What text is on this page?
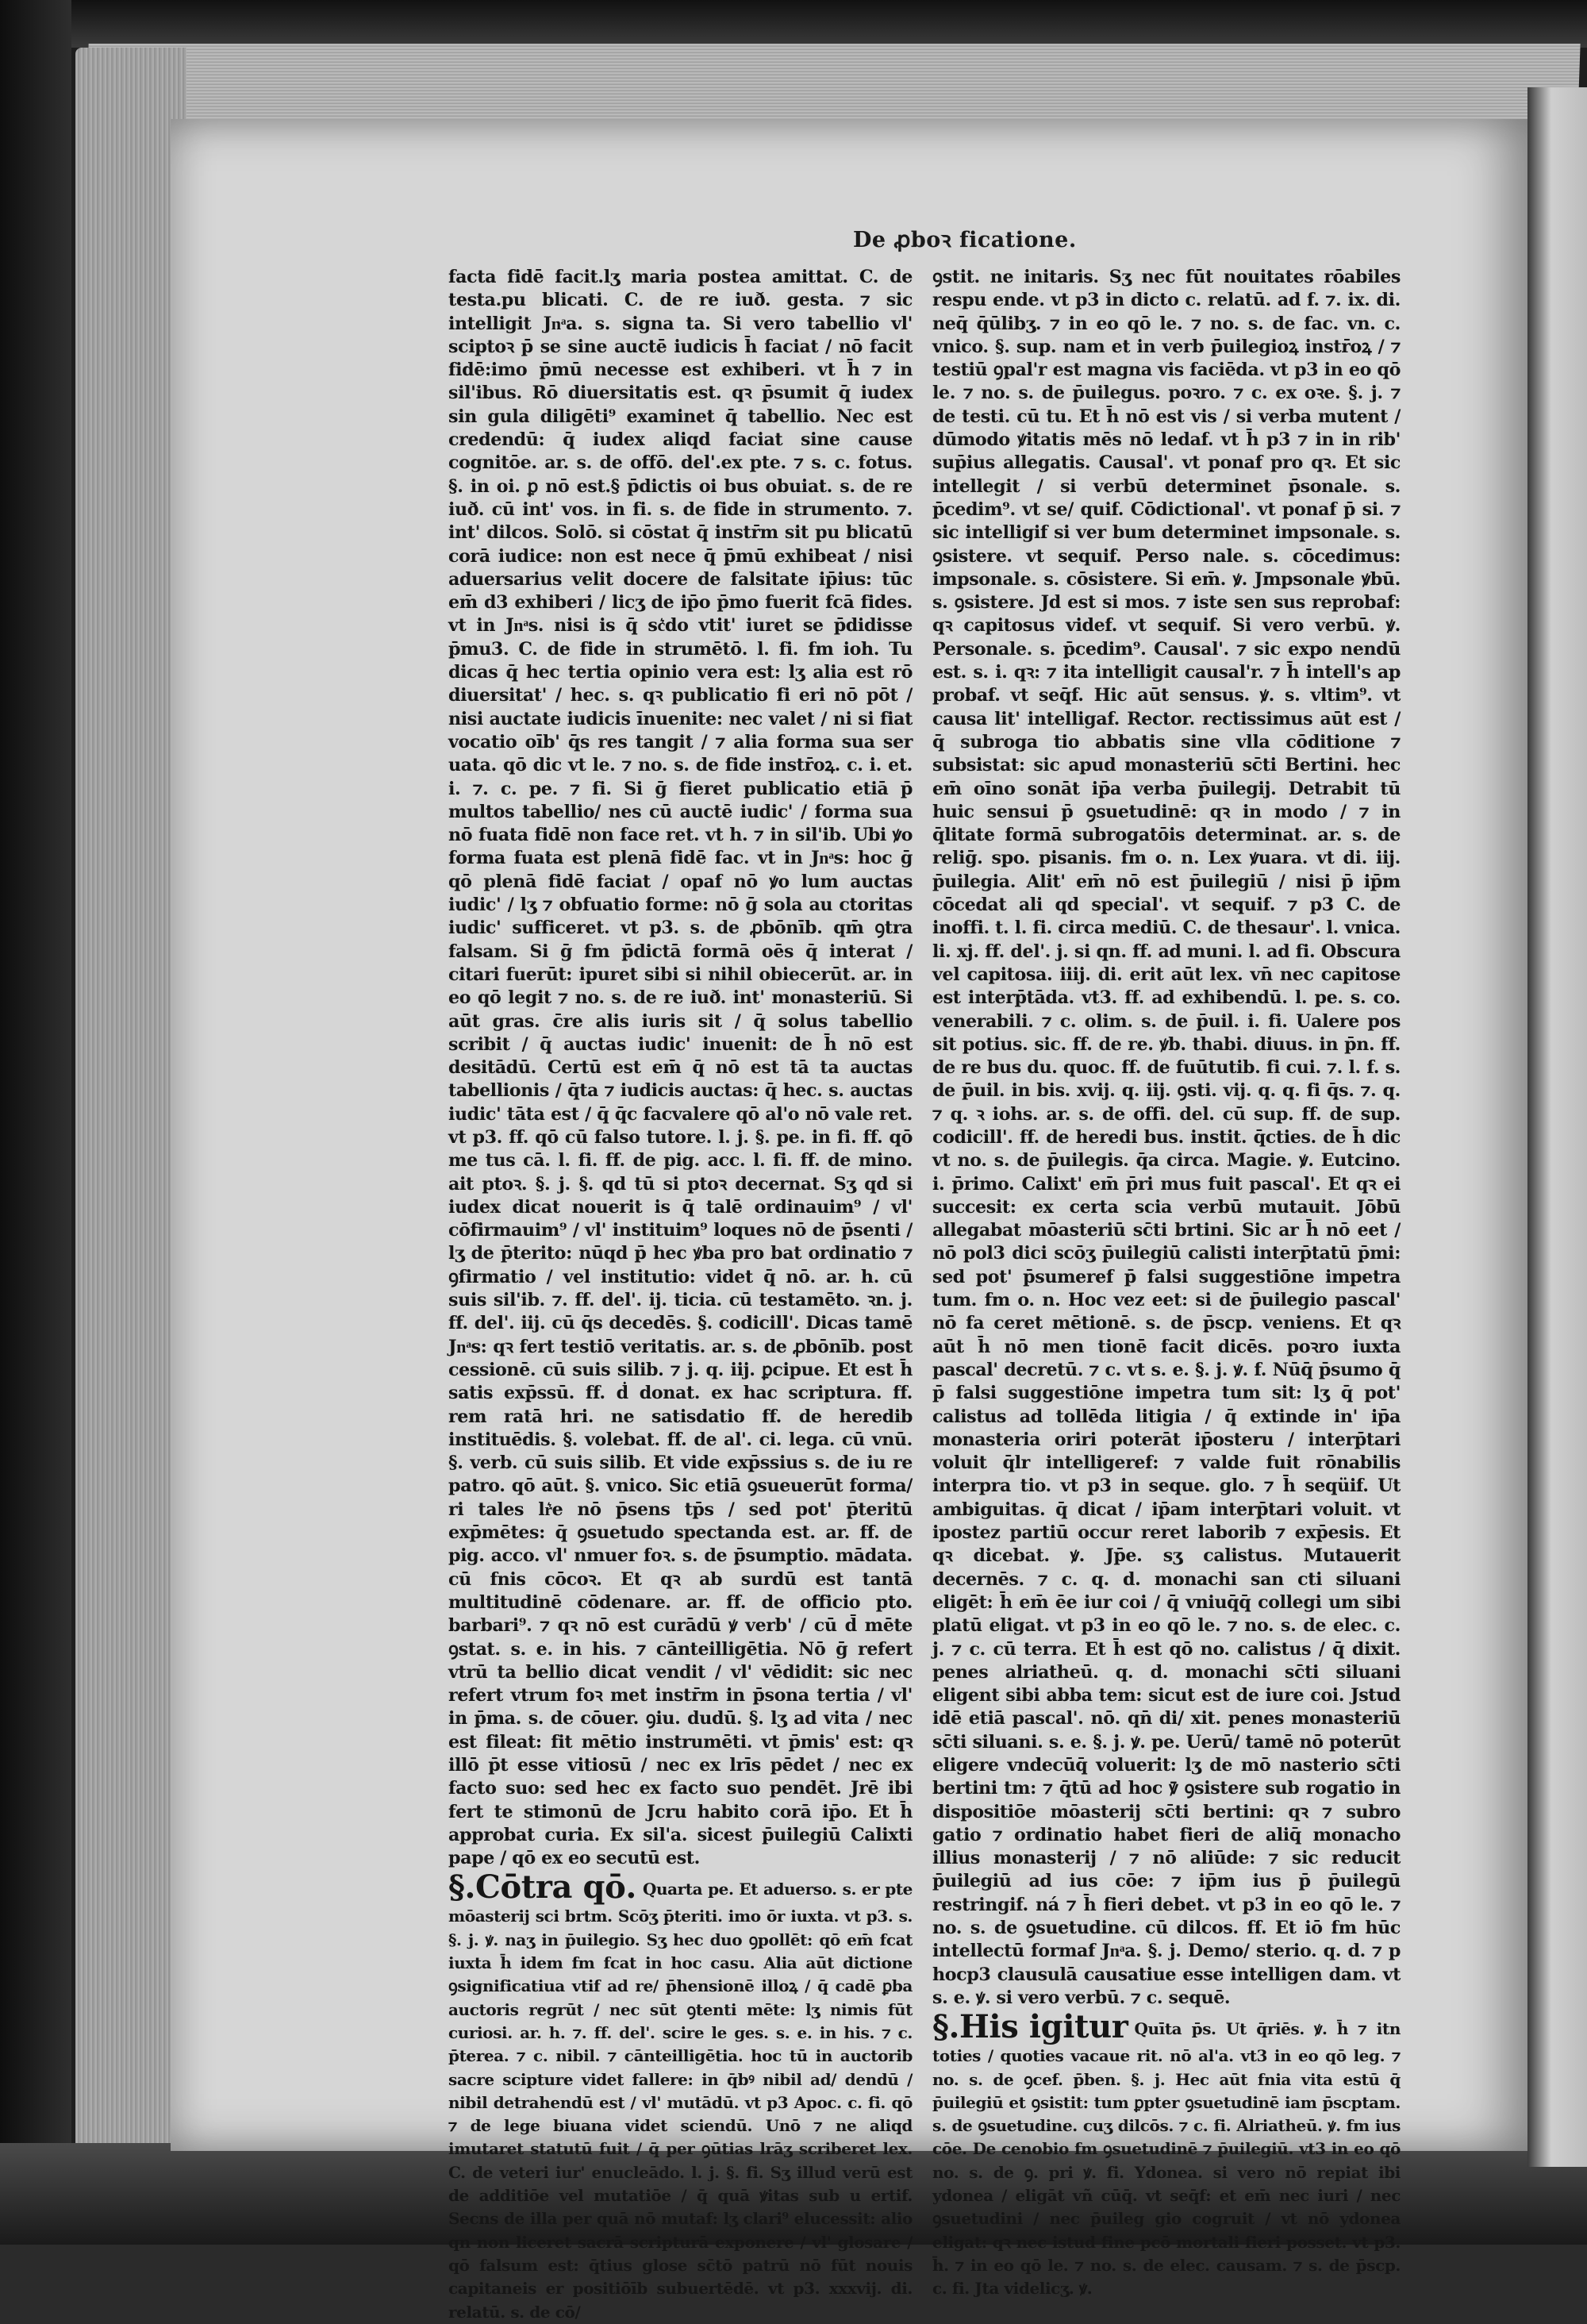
De ꝓboꝛ ficatione.

facta fidē facit.lʒ maria postea amittat. C. de testa.pu blicati. C. de re iuð. gesta. ⁊ sic intelligit Jnͣa. s. signa ta. Si vero tabellio vl' sciptoꝛ p̄ se sine auctē iudicis h̄ faciat / nō facit fidē:imo p̄mū necesse est exhiberi. vt h̄ ⁊ in sil'ibus. Rō diuersitatis est. qꝛ p̄sumit q̄ iudex sin gula diligēti⁹ examinet q̄ tabellio. Nec est credendū: q̄ iudex aliqd faciat sine cause cognitōe. ar. s. de offō. del'.ex pte. ⁊ s. c. fotus. §. in oi. ꝑ nō est.§ p̄dictis oi bus obuiat. s. de re iuð. cū int' vos. in fi. s. de fide in strumento. ⁊. int' dilcos. Solō. si cōstat q̄ instr̄m sit pu blicatū corā iudice: non est nece q̄ p̄mū exhibeat / nisi aduersarius velit docere de falsitate ip̄ius: tūc em̄ d3 exhiberi / licʒ de ip̄o p̄mo fuerit fcā fides. vt in Jnͣs. nisi is q̄ sc͛do vtit' iuret se p̄didisse p̄mu3. C. de fide in strumētō. l. fi. fm ioh. Tu dicas q̄ hec tertia opinio vera est: lʒ alia est rō diuersitat' / hec. s. qꝛ publicatio fi eri nō pōt / nisi auctate iudicis īnuenite: nec valet / ni si fiat vocatio oīb' q̄s res tangit / ⁊ alia forma sua ser uata. qō dic vt le. ⁊ no. s. de fide instr̄oꝝ. c. i. et. i. ⁊. c. pe. ⁊ fi. Si ḡ fieret publicatio etiā p̄ multos tabellio/ nes cū auctē iudic' / forma sua nō fuata fidē non face ret. vt h. ⁊ in sil'ib. Ubi ꝟo forma fuata est plenā fidē fac. vt in Jnͣs: hoc ḡ qō plenā fidē faciat / opaf nō ꝟo lum auctas iudic' / lʒ ⁊ obfuatio forme: nō ḡ sola au ctoritas iudic' sufficeret. vt p3. s. de ꝓbōnīb. qm̄ ꝯtra falsam. Si ḡ fm p̄dictā formā oēs q̄ interat / citari fuerūt: ipuret sibi si nihil obiecerūt. ar. in eo qō legit ⁊ no. s. de re iuð. int' monasteriū. Si aūt gras. c̄re alis iuris sit / q̄ solus tabellio scribit / q̄ auctas iudic' inuenit: de h̄ nō est desitādū. Certū est em̄ q̄ nō est tā ta auctas tabellionis / q̄ta ⁊ iudicis auctas: q̄ hec. s. auctas iudic' tāta est / q̄ q̄c facvalere qō al'o nō vale ret. vt p3. ff. qō cū falso tutore. l. j. §. pe. in fi. ff. qō me tus cā. l. fi. ff. de pig. acc. l. fi. ff. de mino. ait ptoꝛ. §. j. §. qd tū si ptoꝛ decernat. Sʒ qd si iudex dicat nouerit is q̄ talē ordinauim⁹ / vl' cōfirmauim⁹ / vl' instituim⁹ loques nō de p̄senti / lʒ de p̄terito: nūqd p̄ hec ꝟba pro bat ordinatio ⁊ ꝯfirmatio / vel institutio: videt q̄ nō. ar. h. cū suis sil'ib. ⁊. ff. del'. ij. ticia. cū testamēto. ꝛn. j. ff. del'. iij. cū q̄s decedēs. §. codicill'. Dicas tamē Jnͣs: qꝛ fert testiō veritatis. ar. s. de ꝓbōnīb. post cessionē. cū suis silib. ⁊ j. q. iij. ꝑcipue. Et est h̄ satis exp̄ssū. ff. ḋ donat. ex hac scriptura. ff. rem ratā hri. ne satisdatio ff. de heredib instituēdis. §. volebat. ff. de al'. ci. lega. cū vnū. §. verb. cū suis silib. Et vide exp̄ssius s. de iu re patro. qō aūt. §. vnico. Sic etiā ꝯsueuerūt forma/ ri tales lr͛e nō p̄sens tp̄s / sed pot' p̄teritū exp̄mētes: q̄ ꝯsuetudo spectanda est. ar. ff. de pig. acco. vl' nmuer foꝛ. s. de p̄sumptio. mādata. cū fnis cōcoꝛ. Et qꝛ ab surdū est tantā multitudinē cōdenare. ar. ff. de officio pto. barbari⁹. ⁊ qꝛ nō est curādū ꝟ verb' / cū d̄ mēte ꝯstat. s. e. in his. ⁊ cānteilligētia. Nō ḡ refert vtrū ta bellio dicat vendit / vl' vēdidit: sic nec refert vtrum foꝛ met instr̄m in p̄sona tertia / vl' in p̄ma. s. de cōuer. ꝯiu. dudū. §. lʒ ad vita / nec est fileat: fit mētio instrumēti. vt p̄mis' est: qꝛ illō p̄t esse vitiosū / nec ex lrīs pēdet / nec ex facto suo: sed hec ex facto suo pendēt. Jrē ibi fert te stimonū de Jcru habito corā ip̄o. Et h̄ approbat curia. Ex sil'a. sicest p̄uilegiū Calixti pape / qō ex eo secutū est.

§.Cōtra qō. Quarta pe. Et aduerso. s. er pte mōasterij sci brtm. Scōʒ p̄teriti. imo ōr iuxta. vt p3. s. §. j. ꝟ. naʒ in p̄uilegio. Sʒ hec duo ꝯpollēt: qō em̄ fcat iuxta h̄ idem fm fcat in hoc casu. Alia aūt dictione ꝯsignificatiua vtif ad re/ p̄hensionē illoꝝ / q̄ cadē ꝑba auctoris regrūt / nec sūt ꝯtenti mēte: lʒ nimis fūt curiosi. ar. h. ⁊. ff. del'. scire le ges. s. e. in his. ⁊ c. p̄terea. ⁊ c. nibil. ⁊ cānteilligētia. hoc tū in auctorib sacre scipture videt fallere: in q̄bꝰ nibil ad/ dendū / nibil detrahendū est / vl' mutādū. vt p3 Apoc. c. fi. qō ⁊ de lege biuana videt sciendū. Unō ⁊ ne aliqd imutaret statutū fuit / q̄ per ꝯūtias lrāʒ scriberet lex. C. de veteri iur' enucleādo. l. j. §. fi. Sʒ illud verū est de additiōe vel mutatiōe / q̄ quā ꝟitas sub u ertif. Secns de illa per quā nō mutaf: lʒ clari⁹ elucessit: alio qn non liceret sacrā scripturā exponere / vl' glosare / qō falsum est: q̄tius glose sc̄tō patrū nō fūt nouis capitaneis er positiōīb subuertēdē. vt p3. xxxvij. di. relatū. s. de cō/

ꝯstit. ne initaris. Sʒ nec fūt nouitates rōabiles respu ende. vt p3 in dicto c. relatū. ad f. ⁊. ix. di. neq̄ q̄ūlibʒ. ⁊ in eo qō le. ⁊ no. s. de fac. vn. c. vnico. §. sup. nam et in verb p̄uilegioꝝ instr̄oꝝ / ⁊ testiū ꝯpal'r est magna vis faciēda. vt p3 in eo qō le. ⁊ no. s. de p̄uilegus. poꝛro. ⁊ c. ex oꝛe. §. j. ⁊ de testi. cū tu. Et h̄ nō est vis / si verba mutent / dūmodo ꝟitatis mēs nō ledaf. vt h̄ p3 ⁊ in in rib' sup̄ius allegatis. Causal'. vt ponaf pro qꝛ. Et sic intellegit / si verbū determinet p̄sonale. s. p̄cedim⁹. vt se/ quif. Cōdictional'. vt ponaf p̄ si. ⁊ sic intelligif si ver bum determinet impsonale. s. ꝯsistere. vt sequif. Perso nale. s. cōcedimus: impsonale. s. cōsistere. Si em̄. ꝟ. Jmpsonale ꝟbū. s. ꝯsistere. Jd est si mos. ⁊ iste sen sus reprobaf: qꝛ capitosus videf. vt sequif. Si vero verbū. ꝟ. Personale. s. p̄cedim⁹. Causal'. ⁊ sic expo nendū est. s. i. qꝛ: ⁊ ita intelligit causal'r. ⁊ h̄ intell's ap probaf. vt seq̄f. Hic aūt sensus. ꝟ. s. vltim⁹. vt causa lit' intelligaf. Rector. rectissimus aūt est / q̄ subroga tio abbatis sine vlla cōditione ⁊ subsistat: sic apud monasteriū sc̄ti Bertini. hec em̄ oīno sonāt ip̄a verba p̄uilegij. Detrabit tū huic sensui p̄ ꝯsuetudinē: qꝛ in modo / ⁊ in q̄litate formā subrogatōis determinat. ar. s. de reliḡ. spo. pisanis. fm o. n. Lex ꝟuara. vt di. iij. p̄uilegia. Alit' em̄ nō est p̄uilegiū / nisi p̄ ip̄m cōcedat ali qd special'. vt sequif. ⁊ p3 C. de inoffi. t. l. fi. circa mediū. C. de thesaur'. l. vnica. li. xj. ff. del'. j. si qn. ff. ad muni. l. ad fi. Obscura vel capitosa. iiij. di. erit aūt lex. vn̄ nec capitose est interp̄tāda. vt3. ff. ad exhibendū. l. pe. s. co. venerabili. ⁊ c. olim. s. de p̄uil. i. fi. Ualere pos sit potius. sic. ff. de re. ꝟb. thabi. diuus. in p̄n. ff. de re bus du. quoc. ff. de fuūtutib. fi cui. ⁊. l. f. s. de p̄uil. in bis. xvij. q. iij. ꝯsti. vij. q. q. fi q̄s. ⁊. q. ⁊ q. ꝛ iohs. ar. s. de offi. del. cū sup. ff. de sup. codicill'. ff. de heredi bus. instit. q̄cties. de h̄ dic vt no. s. de p̄uilegis. q̄a circa. Magie. ꝟ. Eutcino. i. p̄rimo. Calixt' em̄ p̄ri mus fuit pascal'. Et qꝛ ei succesit: ex certa scia verbū mutauit. Jōbū allegabat mōasteriū sc̄ti brtini. Sic ar h̄ nō eet / nō pol3 dici scōʒ p̄uilegiū calisti interp̄tatū p̄mi: sed pot' p̄sumeref p̄ falsi suggestiōne impetra tum. fm o. n. Hoc vez eet: si de p̄uilegio pascal' nō fa ceret mētionē. s. de p̄scp. veniens. Et qꝛ aūt h̄ nō men tionē facit dicēs. poꝛro iuxta pascal' decretū. ⁊ c. vt s. e. §. j. ꝟ. f. Nūq̄ p̄sumo q̄ p̄ falsi suggestiōne impetra tum sit: lʒ q̄ pot' calistus ad tollēda litigia / q̄ extinde in' ip̄a monasteria oriri poterāt ip̄osteru / interp̄tari voluit q̄lr intelligeref: ⁊ valde fuit rōnabilis interpra tio. vt p3 in seque. glo. ⁊ h̄ seqüif. Ut ambiguitas. q̄ dicat / ip̄am interp̄tari voluit. vt ipostez partiū occur reret laborib ⁊ exp̄esis. Et qꝛ dicebat. ꝟ. Jp̄e. sʒ calistus. Mutauerit decernēs. ⁊ c. q. d. monachi san cti siluani eligēt: h̄ em̄ ēe iur coi / q̄ vniuq̄q̄ collegi um sibi platū eligat. vt p3 in eo qō le. ⁊ no. s. de elec. c. j. ⁊ c. cū terra. Et h̄ est qō no. calistus / q̄ dixit. penes alriatheū. q. d. monachi sc̄ti siluani eligent sibi abba tem: sicut est de iure coi. Jstud idē etiā pascal'. nō. qn̄ di/ xit. penes monasteriū sc̄ti siluani. s. e. §. j. ꝟ. pe. Uerū/ tamē nō poterūt eligere vndecūq̄ voluerit: lʒ de mō nasterio sc̄ti bertini tm: ⁊ q̄tū ad hoc ꝟ̄ ꝯsistere sub rogatio in dispositiōe mōasterij sc̄ti bertini: qꝛ ⁊ subro gatio ⁊ ordinatio habet fieri de aliq̄ monacho illius monasterij / ⁊ nō aliūde: ⁊ sic reducit p̄uilegiū ad ius cōe: ⁊ ip̄m ius p̄ p̄uilegū restringif. ná ⁊ h̄ fieri debet. vt p3 in eo qō le. ⁊ no. s. de ꝯsuetudine. cū dilcos. ff. Et iō fm hūc intellectū formaf Jnͣa. §. j. Demo/ sterio. q. d. ⁊ p hocp3 clausulā causatiue esse intelligen dam. vt s. e. ꝟ. si vero verbū. ⁊ c. sequē.

§.His igitur Quīta p̄s. Ut q̄riēs. ꝟ. h̄ ⁊ itn toties / quoties vacaue rit. nō al'a. vt3 in eo qō leg. ⁊ no. s. de ꝯcef. p̄ben. §. j. Hec aūt fnia vita estū q̄ p̄uilegiū et ꝯsistit: tum ꝑpter ꝯsuetudinē iam p̄scptam. s. de ꝯsuetudine. cuʒ dilcōs. ⁊ c. fi. Alriatheū. ꝟ. fm ius cōe. De cenobio fm ꝯsuetudinē ⁊ p̄uilegiū. vt3 in eo qō no. s. de ꝯ. pri ꝟ. fi. Ydonea. si vero nō repiat ibi ydonea / eligāt vñ cūq̄. vt seq̄f: et em̄ nec iuri / nec ꝯsuetudini / nec p̄uileg gio cogruit / vt nō ydonea eligat: qꝛ nec istud fine pcō mortali fieri posset. vt p3. h̄. ⁊ in eo qō le. ⁊ no. s. de elec. causam. ⁊ s. de p̄scp. c. fi. Jta videlicʒ. ꝟ.
